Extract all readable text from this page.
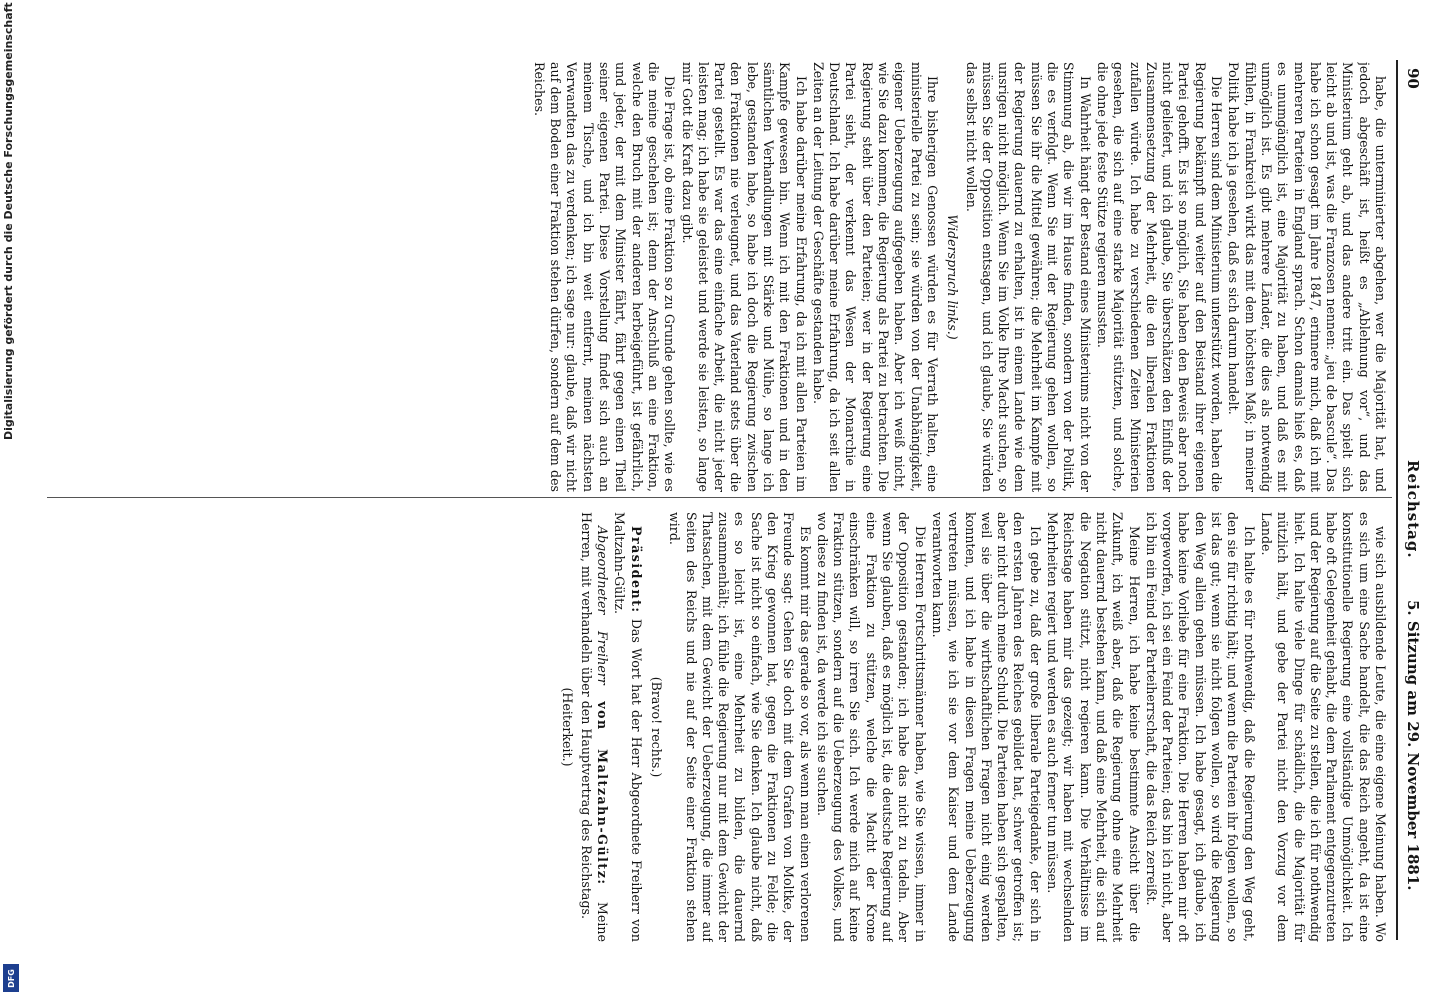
90
Reichstag.
5. Sitzung am 29. November 1881.

habe, die unterminierter abgehen, wer die Majorität hat, und jedoch abgeschäft ist, heißt es „Ablehnung vor“, und das Ministerium geht ab, und das andere tritt ein. Das spielt sich leicht ab und ist, was die Franzosen nennen: „jeu de bascule“. Das habe ich schon gesagt im Jahre 1847, erinnere mich, daß ich mit mehreren Parteien in England sprach. Schon damals hieß es, daß es unumgänglich ist, eine Majorität zu haben, und daß es mit unmöglich ist. Es gibt mehrere Länder, die dies als notwendig fühlen, in Frankreich wirkt das mit dem höchsten Maß; in meiner Politik habe ich ja gesehen, daß es sich darum handelt.

Die Herren sind dem Ministerium unterstützt worden, haben die Regierung bekämpft und weiter auf den Beistand ihrer eigenen Partei gehofft. Es ist so möglich, Sie haben den Beweis aber noch nicht geliefert, und ich glaube, Sie überschätzen den Einfluß der Zusammensetzung der Mehrheit, die den liberalen Fraktionen zufallen würde. Ich habe zu verschiedenen Zeiten Ministerien gesehen, die sich auf eine starke Majorität stützten, und solche, die ohne jede feste Stütze regieren mussten.

In Wahrheit hängt der Bestand eines Ministeriums nicht von der Stimmung ab, die wir im Hause finden, sondern von der Politik, die es verfolgt. Wenn Sie mit der Regierung gehen wollen, so müssen Sie ihr die Mittel gewähren; die Mehrheit im Kampfe mit der Regierung dauernd zu erhalten, ist in einem Lande wie dem unsrigen nicht möglich. Wenn Sie im Volke Ihre Macht suchen, so müssen Sie der Opposition entsagen, und ich glaube, Sie würden das selbst nicht wollen.

Widerspruch links.)

Ihre bisherigen Genossen würden es für Verrath halten, eine ministerielle Partei zu sein; sie würden von der Unabhängigkeit, eigener Ueberzeugung aufgegeben haben. Aber ich weiß nicht, wie Sie dazu kommen, die Regierung als Partei zu betrachten. Die Regierung steht über den Parteien; wer in der Regierung eine Partei sieht, der verkennt das Wesen der Monarchie in Deutschland. Ich habe darüber meine Erfahrung, da ich seit allen Zeiten an der Leitung der Geschäfte gestanden habe.

Ich habe darüber meine Erfahrung, da ich mit allen Parteien im Kampfe gewesen bin. Wenn ich mit den Fraktionen und in den sämtlichen Verhandlungen mit Stärke und Mühe, so lange ich lebe, gestanden habe, so habe ich doch die Regierung zwischen den Fraktionen nie verleugnet, und das Vaterland stets über die Partei gestellt. Es war das eine einfache Arbeit, die nicht jeder leisten mag; ich habe sie geleistet und werde sie leisten, so lange mir Gott die Kraft dazu gibt.

Die Frage ist, ob eine Fraktion so zu Grunde gehen sollte, wie es die meine geschehen ist; denn der Anschluß an eine Fraktion, welche den Bruch mit der anderen herbeigeführt, ist gefährlich, und jeder, der mit dem Minister fährt, fährt gegen einen Theil seiner eigenen Partei. Diese Vorstellung findet sich auch an meinem Tische, und ich bin weit entfernt, meinen nächsten Verwandten das zu verdenken; ich sage nur: glaube, daß wir nicht auf dem Boden einer Fraktion stehen dürfen, sondern auf dem des Reiches.

wie sich ausbildende Leute, die eine eigene Meinung haben. Wo es sich um eine Sache handelt, die das Reich angeht, da ist eine konstitutionelle Regierung eine vollständige Unmöglichkeit. Ich habe oft Gelegenheit gehabt, die dem Parlament entgegenzutreten und der Regierung auf die Seite zu stellen, die ich für nothwendig hielt. Ich halte viele Dinge für schädlich, die die Majorität für nützlich hält, und gebe der Partei nicht den Vorzug vor dem Lande.

Ich halte es für nothwendig, daß die Regierung den Weg geht, den sie für richtig hält; und wenn die Parteien ihr folgen wollen, so ist das gut; wenn sie nicht folgen wollen, so wird die Regierung den Weg allein gehen müssen. Ich habe gesagt, ich glaube, ich habe keine Vorliebe für eine Fraktion. Die Herren haben mir oft vorgeworfen, ich sei ein Feind der Parteien; das bin ich nicht, aber ich bin ein Feind der Parteiherrschaft, die das Reich zerreißt.

Meine Herren, ich habe keine bestimmte Ansicht über die Zukunft, ich weiß aber, daß die Regierung ohne eine Mehrheit nicht dauernd bestehen kann, und daß eine Mehrheit, die sich auf die Negation stützt, nicht regieren kann. Die Verhältnisse im Reichstage haben mir das gezeigt; wir haben mit wechselnden Mehrheiten regiert und werden es auch ferner tun müssen.

Ich gebe zu, daß der große liberale Parteigedanke, der sich in den ersten Jahren des Reiches gebildet hat, schwer getroffen ist; aber nicht durch meine Schuld. Die Parteien haben sich gespalten, weil sie über die wirthschaftlichen Fragen nicht einig werden konnten, und ich habe in diesen Fragen meine Ueberzeugung vertreten müssen, wie ich sie vor dem Kaiser und dem Lande verantworten kann.

Die Herren Fortschrittsmänner haben, wie Sie wissen, immer in der Opposition gestanden; ich habe das nicht zu tadeln. Aber wenn Sie glauben, daß es möglich ist, die deutsche Regierung auf eine Fraktion zu stützen, welche die Macht der Krone einschränken will, so irren Sie sich. Ich werde mich auf keine Fraktion stützen, sondern auf die Ueberzeugung des Volkes, und wo diese zu finden ist, da werde ich sie suchen.

Es kommt mir das gerade so vor, als wenn man einen verlorenen Freunde sagt: Gehen Sie doch mit dem Grafen von Moltke, der den Krieg gewonnen hat, gegen die Fraktionen zu Felde; die Sache ist nicht so einfach, wie Sie denken. Ich glaube nicht, daß es so leicht ist, eine Mehrheit zu bilden, die dauernd zusammenhält; ich fühle die Regierung nur mit dem Gewicht der Thatsachen, mit dem Gewicht der Ueberzeugung, die immer auf Seiten des Reichs und nie auf der Seite einer Fraktion stehen wird.

(Bravo! rechts.)

Präsident: Das Wort hat der Herr Abgeordnete Freiherr von Maltzahn-Gültz.

Abgeordneter Freiherr von Maltzahn-Gültz: Meine Herren, mit verhandeln über den Hauptvertrag des Reichstags.

(Heiterkeit.)

Digitalisierung gefördert durch die Deutsche Forschungsgemeinschaft
DFG
